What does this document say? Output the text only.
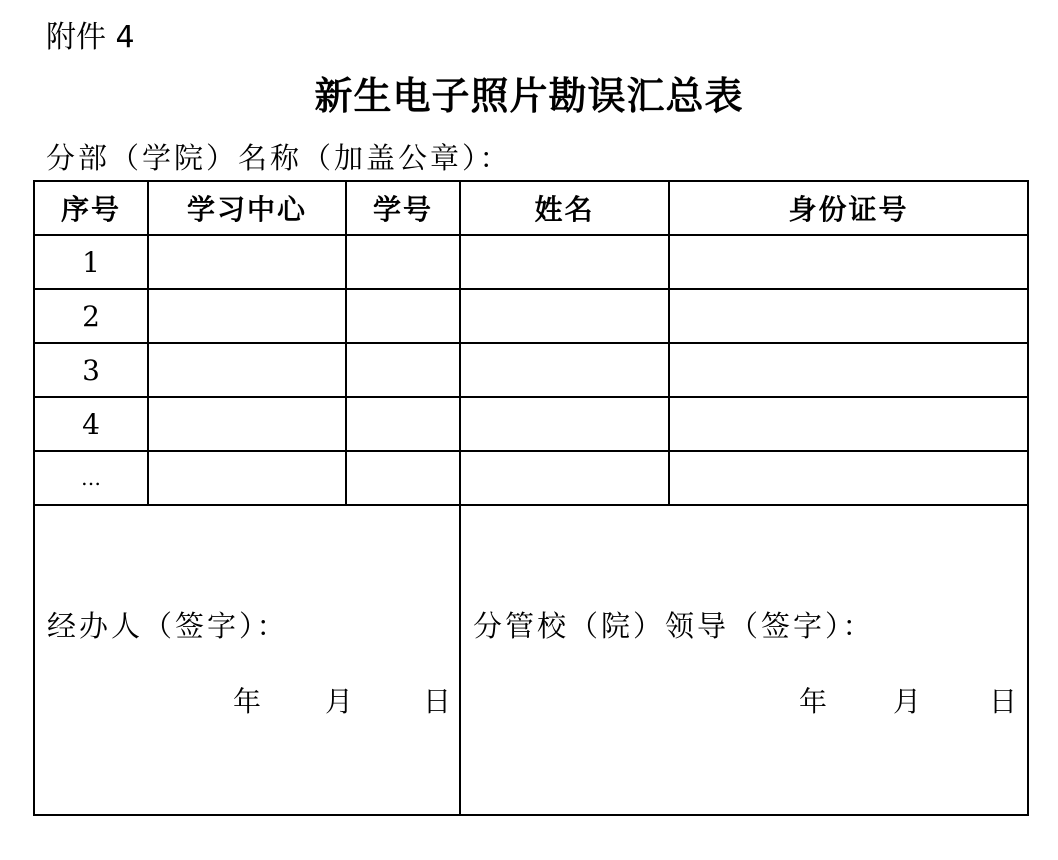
附件 4
新生电子照片勘误汇总表
分部（学院）名称（加盖公章）：
序号	学习中心	学号	姓名	身份证号
1				
2				
3				
4				
…				

经办人（签字）：
年 月 日			分管校（院）领导（签字）：
年 月 日	
